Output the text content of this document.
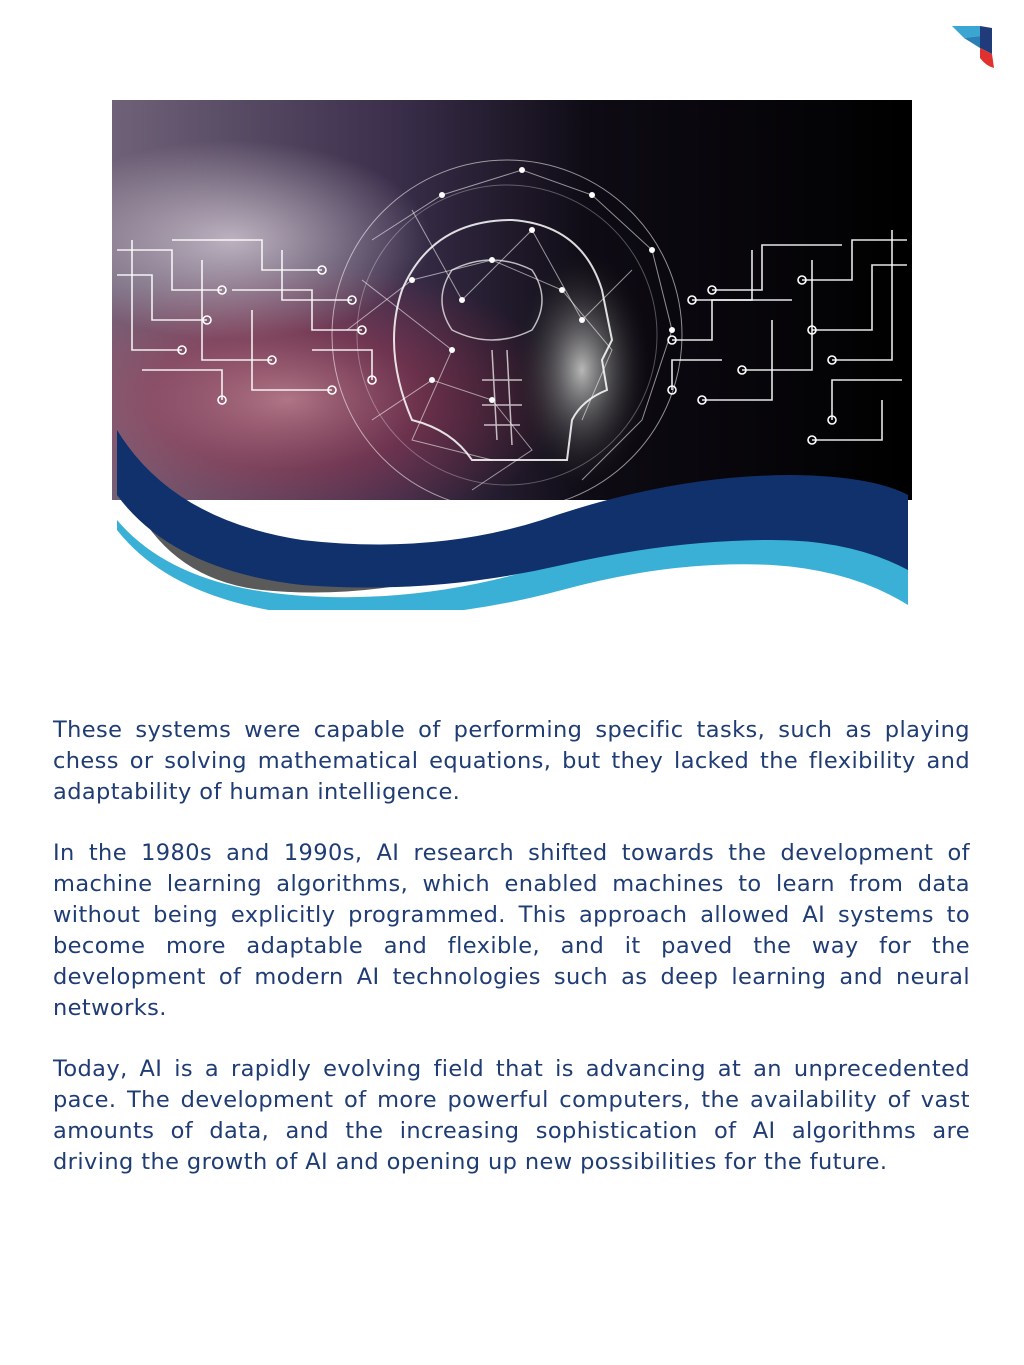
These systems were capable of performing specific tasks, such as playing chess or solving mathematical equations, but they lacked the flexibility and adaptability of human intelligence.

In the 1980s and 1990s, AI research shifted towards the development of machine learning algorithms, which enabled machines to learn from data without being explicitly programmed. This approach allowed AI systems to become more adaptable and flexible, and it paved the way for the development of modern AI technologies such as deep learning and neural networks.

Today, AI is a rapidly evolving field that is advancing at an unprecedented pace. The development of more powerful computers, the availability of vast amounts of data, and the increasing sophistication of AI algorithms are driving the growth of AI and opening up new possibilities for the future.
